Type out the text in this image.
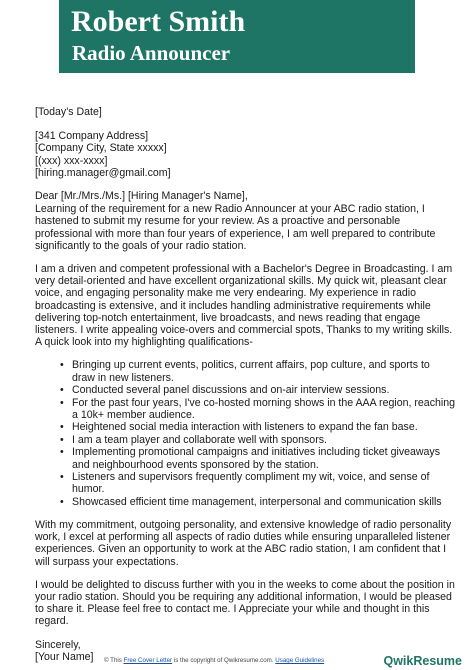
Robert Smith
Radio Announcer

[Today's Date]

[341 Company Address]
[Company City, State xxxxx]
[(xxx) xxx-xxxx]
[hiring.manager@gmail.com]

Dear [Mr./Mrs./Ms.] [Hiring Manager's Name],

Learning of the requirement for a new Radio Announcer at your ABC radio station, I hastened to submit my resume for your review. As a proactive and personable professional with more than four years of experience, I am well prepared to contribute significantly to the goals of your radio station.

I am a driven and competent professional with a Bachelor's Degree in Broadcasting. I am very detail-oriented and have excellent organizational skills. My quick wit, pleasant clear voice, and engaging personality make me very endearing. My experience in radio broadcasting is extensive, and it includes handling administrative requirements while delivering top-notch entertainment, live broadcasts, and news reading that engage listeners. I write appealing voice-overs and commercial spots, Thanks to my writing skills. A quick look into my highlighting qualifications-

• Bringing up current events, politics, current affairs, pop culture, and sports to draw in new listeners.
• Conducted several panel discussions and on-air interview sessions.
• For the past four years, I've co-hosted morning shows in the AAA region, reaching a 10k+ member audience.
• Heightened social media interaction with listeners to expand the fan base.
• I am a team player and collaborate well with sponsors.
• Implementing promotional campaigns and initiatives including ticket giveaways and neighbourhood events sponsored by the station.
• Listeners and supervisors frequently compliment my wit, voice, and sense of humor.
• Showcased efficient time management, interpersonal and communication skills

With my commitment, outgoing personality, and extensive knowledge of radio personality work, I excel at performing all aspects of radio duties while ensuring unparalleled listener experiences. Given an opportunity to work at the ABC radio station, I am confident that I will surpass your expectations.

I would be delighted to discuss further with you in the weeks to come about the position in your radio station. Should you be requiring any additional information, I would be pleased to share it. Please feel free to contact me. I Appreciate your while and thought in this regard.

Sincerely,
[Your Name]	© This Free Cover Letter is the copyright of Qwikresume.com. Usage Guidelines	QwikResume
